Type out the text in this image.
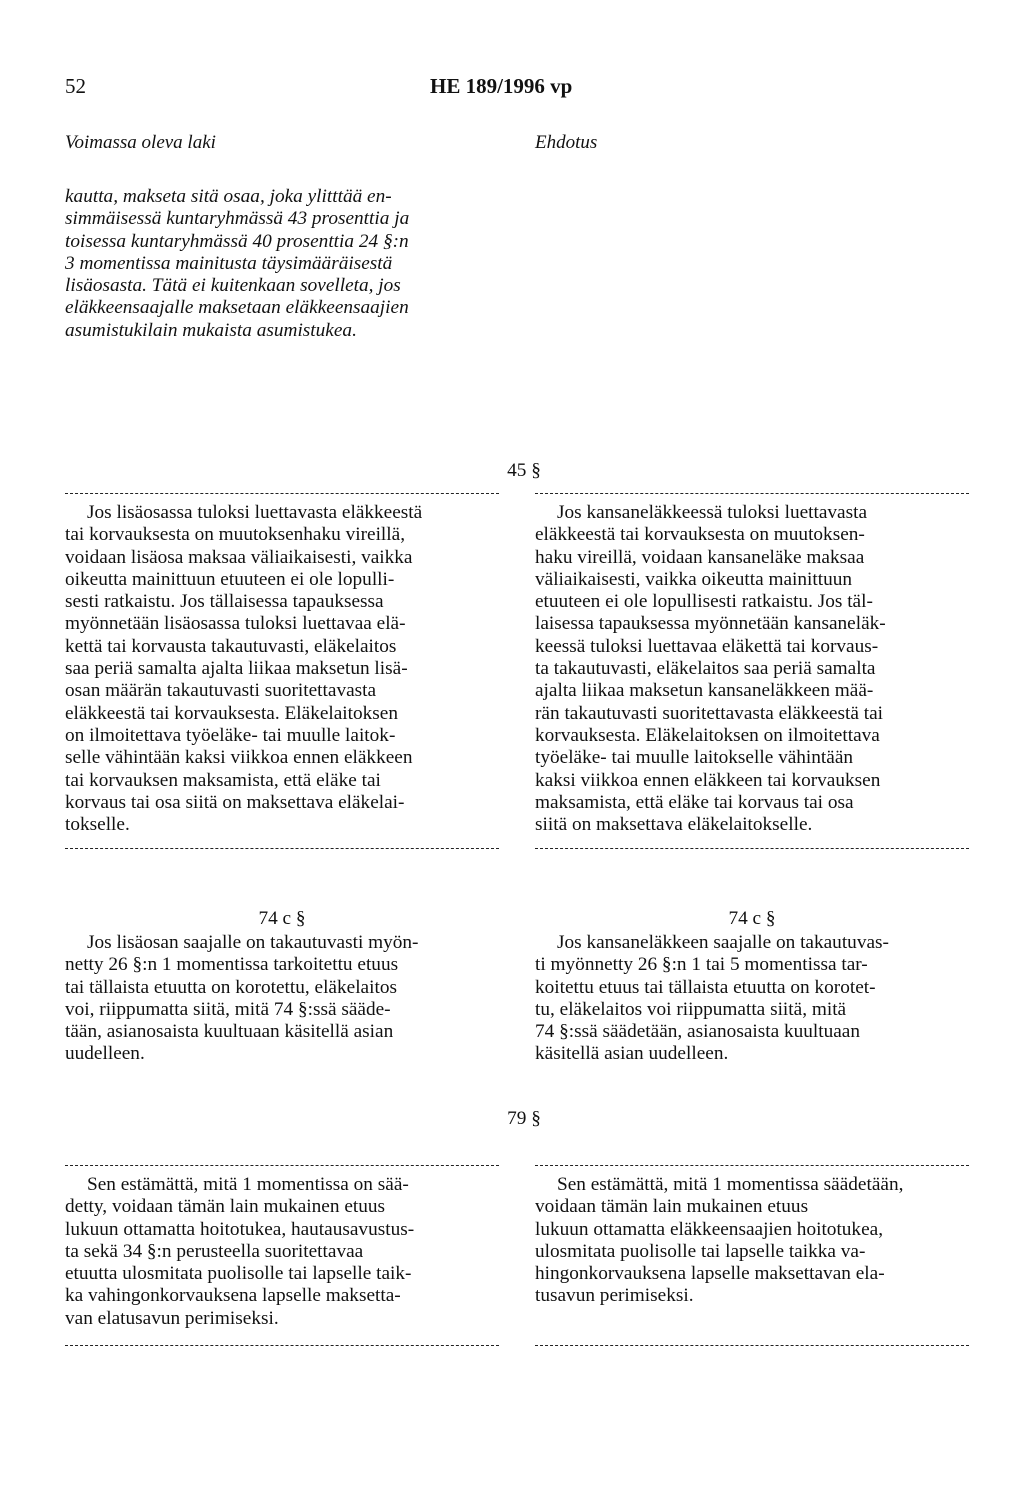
52	HE 189/1996 vp
Voimassa oleva laki	Ehdotus
kautta, makseta sitä osaa, joka ylitttää en-
simmäisessä kuntaryhmässä 43 prosenttia ja
toisessa kuntaryhmässä 40 prosenttia 24 §:n
3 momentissa mainitusta täysimääräisestä
lisäosasta. Tätä ei kuitenkaan sovelleta, jos
eläkkeensaajalle maksetaan eläkkeensaajien
asumistukilain mukaista asumistukea.
45 §
Jos lisäosassa tuloksi luettavasta eläkkeestä
tai korvauksesta on muutoksenhaku vireillä,
voidaan lisäosa maksaa väliaikaisesti, vaikka
oikeutta mainittuun etuuteen ei ole lopulli-
sesti ratkaistu. Jos tällaisessa tapauksessa
myönnetään lisäosassa tuloksi luettavaa elä-
kettä tai korvausta takautuvasti, eläkelaitos
saa periä samalta ajalta liikaa maksetun lisä-
osan määrän takautuvasti suoritettavasta
eläkkeestä tai korvauksesta. Eläkelaitoksen
on ilmoitettava työeläke- tai muulle laitok-
selle vähintään kaksi viikkoa ennen eläkkeen
tai korvauksen maksamista, että eläke tai
korvaus tai osa siitä on maksettava eläkelai-
tokselle.
Jos kansaneläkkeessä tuloksi luettavasta
eläkkeestä tai korvauksesta on muutoksen-
haku vireillä, voidaan kansaneläke maksaa
väliaikaisesti, vaikka oikeutta mainittuun
etuuteen ei ole lopullisesti ratkaistu. Jos täl-
laisessa tapauksessa myönnetään kansaneläk-
keessä tuloksi luettavaa eläkettä tai korvaus-
ta takautuvasti, eläkelaitos saa periä samalta
ajalta liikaa maksetun kansaneläkkeen mää-
rän takautuvasti suoritettavasta eläkkeestä tai
korvauksesta. Eläkelaitoksen on ilmoitettava
työeläke- tai muulle laitokselle vähintään
kaksi viikkoa ennen eläkkeen tai korvauksen
maksamista, että eläke tai korvaus tai osa
siitä on maksettava eläkelaitokselle.
74 c §	74 c §
Jos lisäosan saajalle on takautuvasti myön-
netty 26 §:n 1 momentissa tarkoitettu etuus
tai tällaista etuutta on korotettu, eläkelaitos
voi, riippumatta siitä, mitä 74 §:ssä sääde-
tään, asianosaista kuultuaan käsitellä asian
uudelleen.
Jos kansaneläkkeen saajalle on takautuvas-
ti myönnetty 26 §:n 1 tai 5 momentissa tar-
koitettu etuus tai tällaista etuutta on korotet-
tu, eläkelaitos voi riippumatta siitä, mitä
74 §:ssä säädetään, asianosaista kuultuaan
käsitellä asian uudelleen.
79 §
Sen estämättä, mitä 1 momentissa on sää-
detty, voidaan tämän lain mukainen etuus
lukuun ottamatta hoitotukea, hautausavustus-
ta sekä 34 §:n perusteella suoritettavaa
etuutta ulosmitata puolisolle tai lapselle taik-
ka vahingonkorvauksena lapselle maksetta-
van elatusavun perimiseksi.
Sen estämättä, mitä 1 momentissa säädetään,
voidaan tämän lain mukainen etuus
lukuun ottamatta eläkkeensaajien hoitotukea,
ulosmitata puolisolle tai lapselle taikka va-
hingonkorvauksena lapselle maksettavan ela-
tusavun perimiseksi.
